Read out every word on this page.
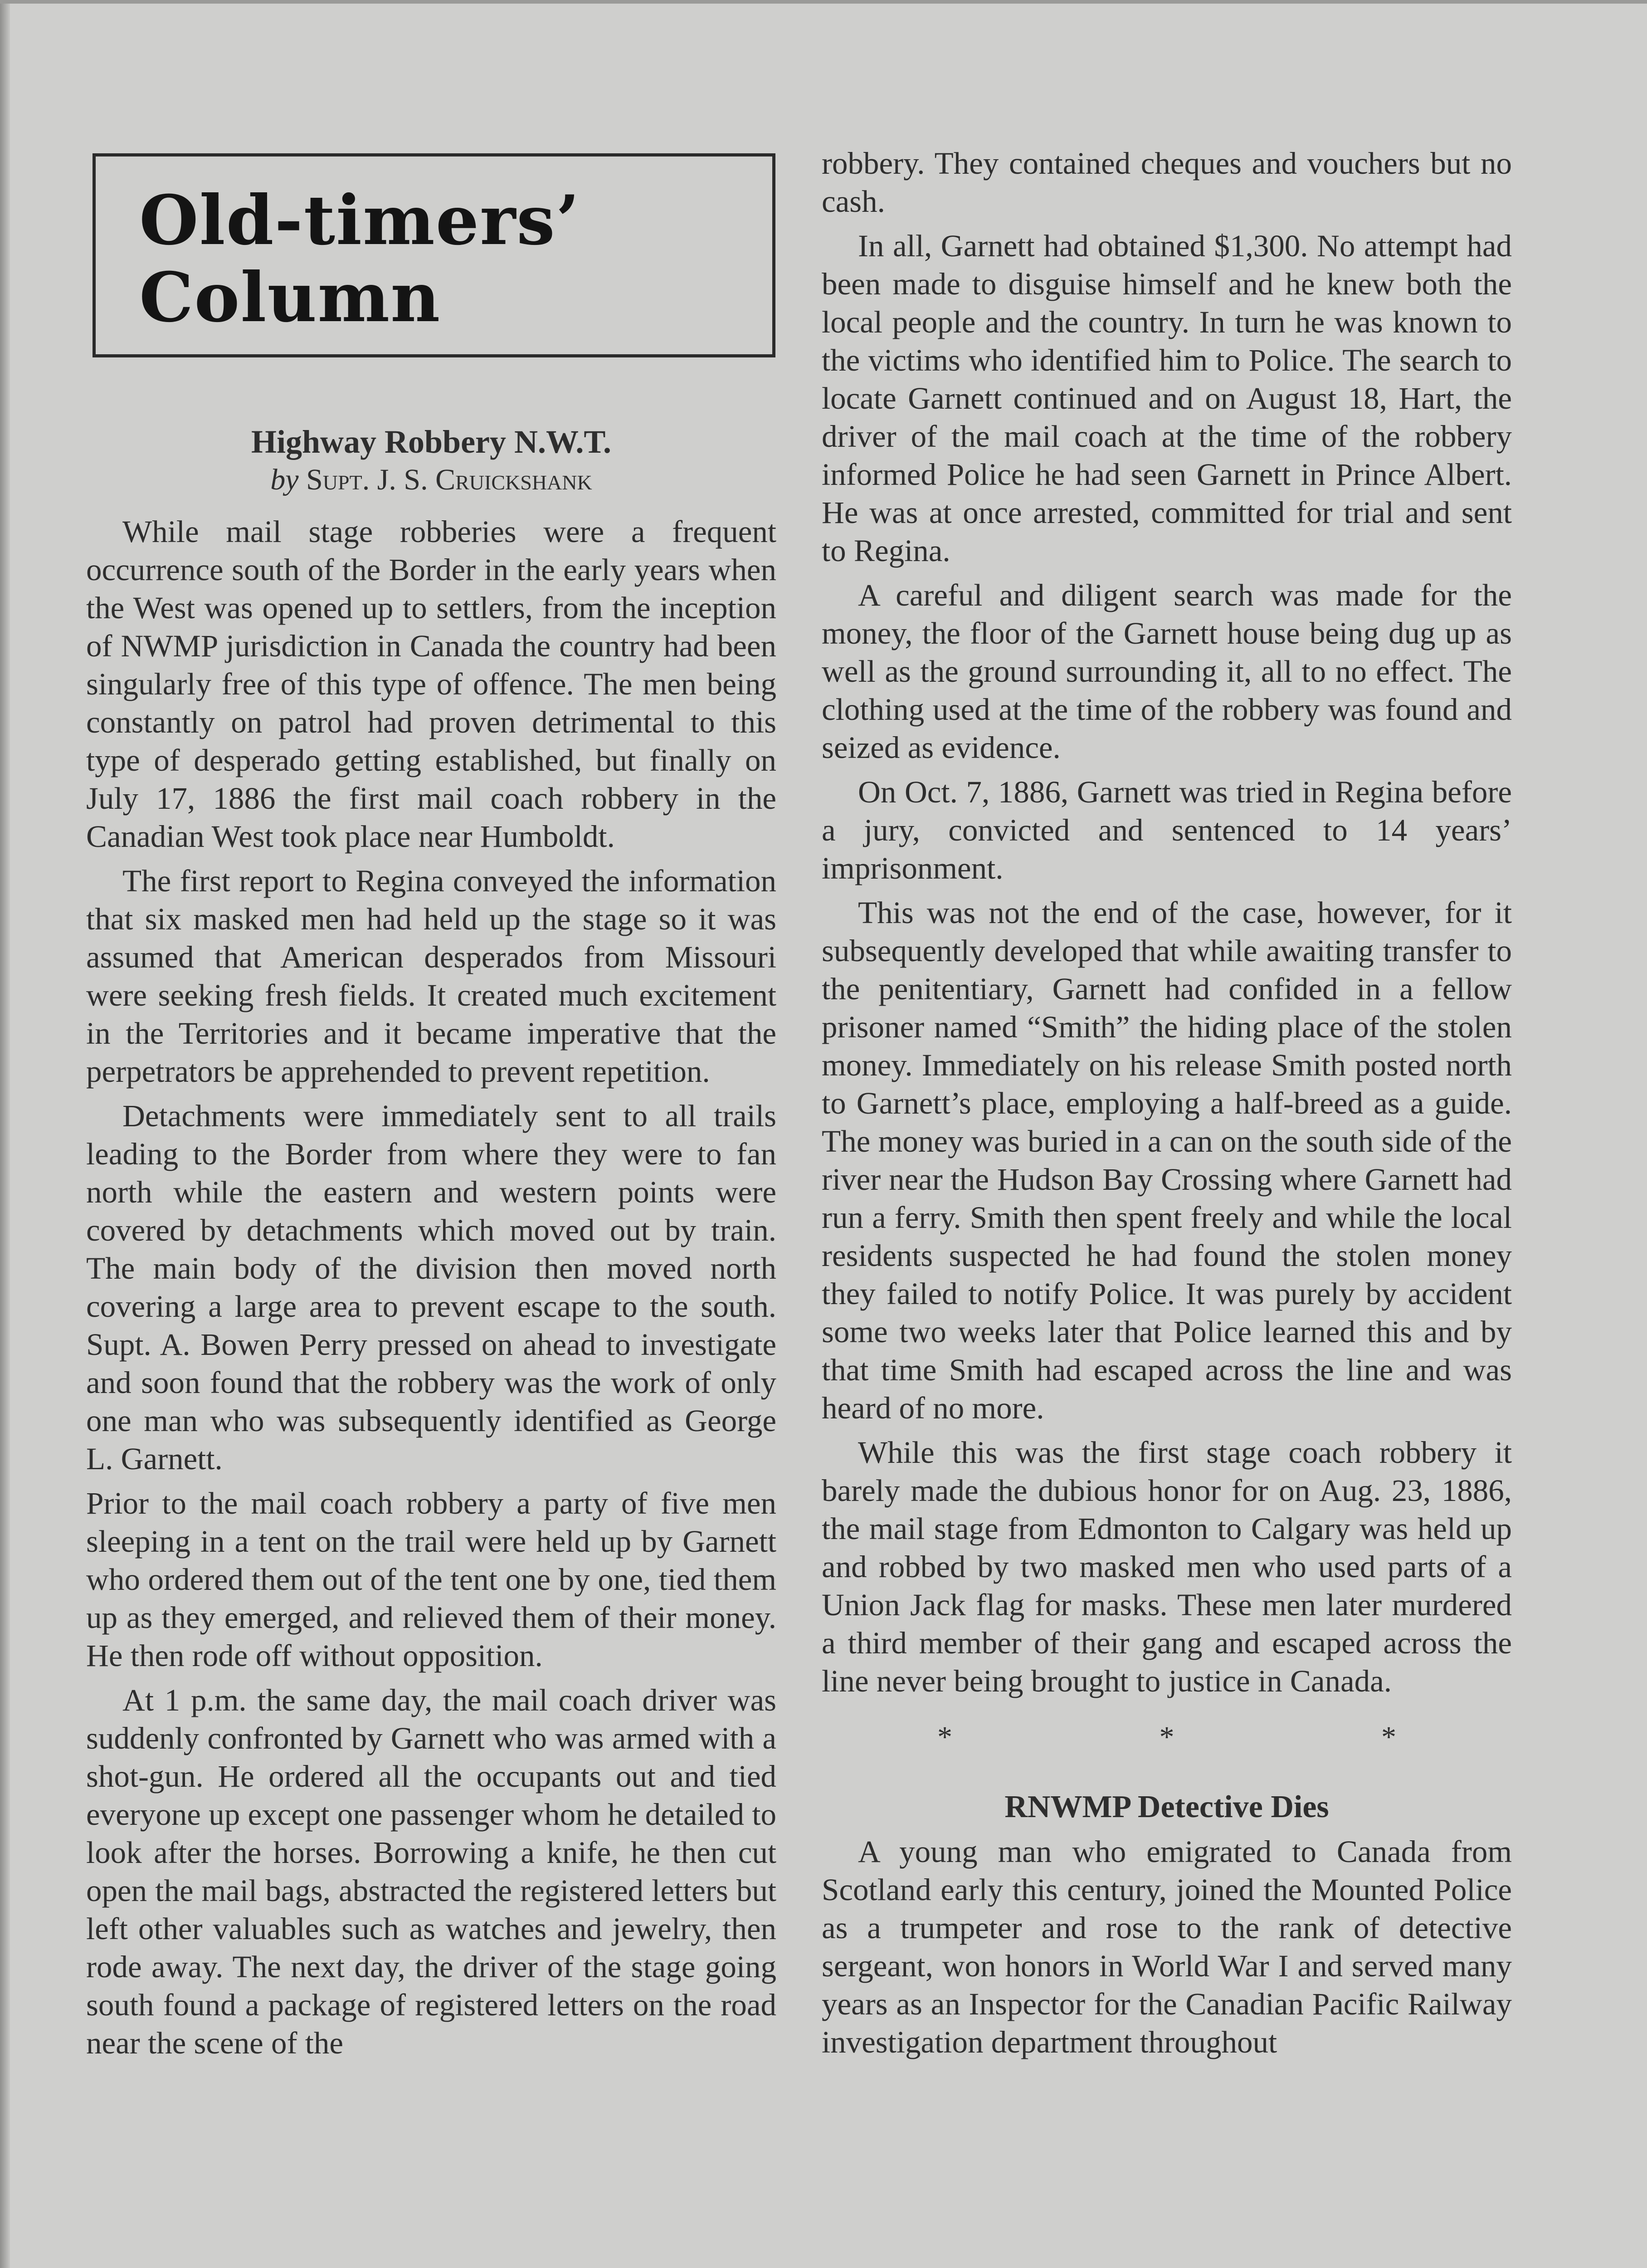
Old-timers’ Column
Highway Robbery N.W.T.
by Supt. J. S. Cruickshank

While mail stage robberies were a frequent occurrence south of the Border in the early years when the West was opened up to settlers, from the inception of NWMP jurisdiction in Canada the country had been singularly free of this type of offence. The men being constantly on patrol had proven detrimental to this type of desperado getting established, but finally on July 17, 1886 the first mail coach robbery in the Canadian West took place near Humboldt.

The first report to Regina conveyed the information that six masked men had held up the stage so it was assumed that American desperados from Missouri were seeking fresh fields. It created much excitement in the Territories and it became imperative that the perpetrators be apprehended to prevent repetition.

Detachments were immediately sent to all trails leading to the Border from where they were to fan north while the eastern and western points were covered by detachments which moved out by train. The main body of the division then moved north covering a large area to prevent escape to the south. Supt. A. Bowen Perry pressed on ahead to investigate and soon found that the robbery was the work of only one man who was subsequently identified as George L. Garnett.

Prior to the mail coach robbery a party of five men sleeping in a tent on the trail were held up by Garnett who ordered them out of the tent one by one, tied them up as they emerged, and relieved them of their money. He then rode off without opposition.

At 1 p.m. the same day, the mail coach driver was suddenly confronted by Garnett who was armed with a shot-gun. He ordered all the occupants out and tied everyone up except one passenger whom he detailed to look after the horses. Borrowing a knife, he then cut open the mail bags, abstracted the registered letters but left other valuables such as watches and jewelry, then rode away. The next day, the driver of the stage going south found a package of registered letters on the road near the scene of the

robbery. They contained cheques and vouchers but no cash.

In all, Garnett had obtained $1,300. No attempt had been made to disguise himself and he knew both the local people and the country. In turn he was known to the victims who identified him to Police. The search to locate Garnett continued and on August 18, Hart, the driver of the mail coach at the time of the robbery informed Police he had seen Garnett in Prince Albert. He was at once arrested, committed for trial and sent to Regina.

A careful and diligent search was made for the money, the floor of the Garnett house being dug up as well as the ground surrounding it, all to no effect. The clothing used at the time of the robbery was found and seized as evidence.

On Oct. 7, 1886, Garnett was tried in Regina before a jury, convicted and sentenced to 14 years’ imprisonment.

This was not the end of the case, however, for it subsequently developed that while awaiting transfer to the penitentiary, Garnett had confided in a fellow prisoner named “Smith” the hiding place of the stolen money. Immediately on his release Smith posted north to Garnett’s place, employing a half-breed as a guide. The money was buried in a can on the south side of the river near the Hudson Bay Crossing where Garnett had run a ferry. Smith then spent freely and while the local residents suspected he had found the stolen money they failed to notify Police. It was purely by accident some two weeks later that Police learned this and by that time Smith had escaped across the line and was heard of no more.

While this was the first stage coach robbery it barely made the dubious honor for on Aug. 23, 1886, the mail stage from Edmonton to Calgary was held up and robbed by two masked men who used parts of a Union Jack flag for masks. These men later murdered a third member of their gang and escaped across the line never being brought to justice in Canada.

* * *
RNWMP Detective Dies

A young man who emigrated to Canada from Scotland early this century, joined the Mounted Police as a trumpeter and rose to the rank of detective sergeant, won honors in World War I and served many years as an Inspector for the Canadian Pacific Railway investigation department throughout
